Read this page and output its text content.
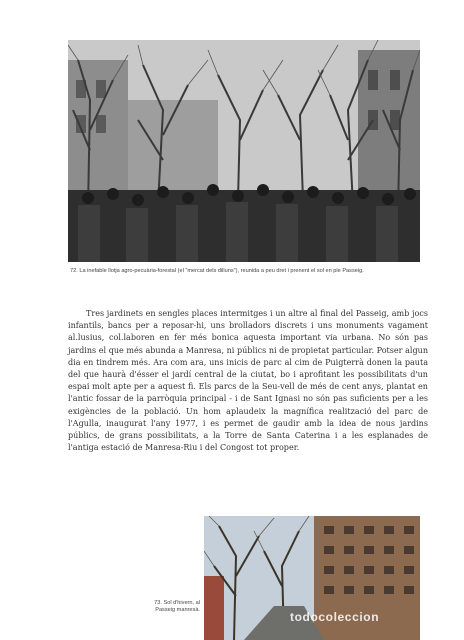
72. La inefable llotja agro-pecuària-forestal (el "mercat dels dilluns"), reunida a peu dret i prenent el sol en ple Passeig.

Tres jardinets en sengles places intermitges i un altre al final del Passeig, amb jocs infantils, bancs per a reposar-hi, uns brolladors discrets i uns monuments vagament al.lusius, col.laboren en fer més bonica aquesta important via urbana. No són pas jardins el que més abunda a Manresa, ni públics ni de propietat particular. Potser algun dia en tindrem més. Ara com ara, uns inicis de parc al cim de Puigterrà donen la pauta del que haurà d'ésser el jardí central de la ciutat, bo i aprofitant les possibilitats d'un espai molt apte per a aquest fi. Els parcs de la Seu-vell de més de cent anys, plantat en l'antic fossar de la parròquia principal - i de Sant Ignasi no són pas suficients per a les exigències de la població. Un hom aplaudeix la magnífica realització del parc de l'Agulla, inaugurat l'any 1977, i es permet de gaudir amb la idea de nous jardins públics, de grans possibilitats, a la Torre de Santa Caterina i a les esplanades de l'antiga estació de Manresa-Riu i del Congost tot proper.

73. Sol d'hivern, al
Passeig manresà.
todocoleccion
